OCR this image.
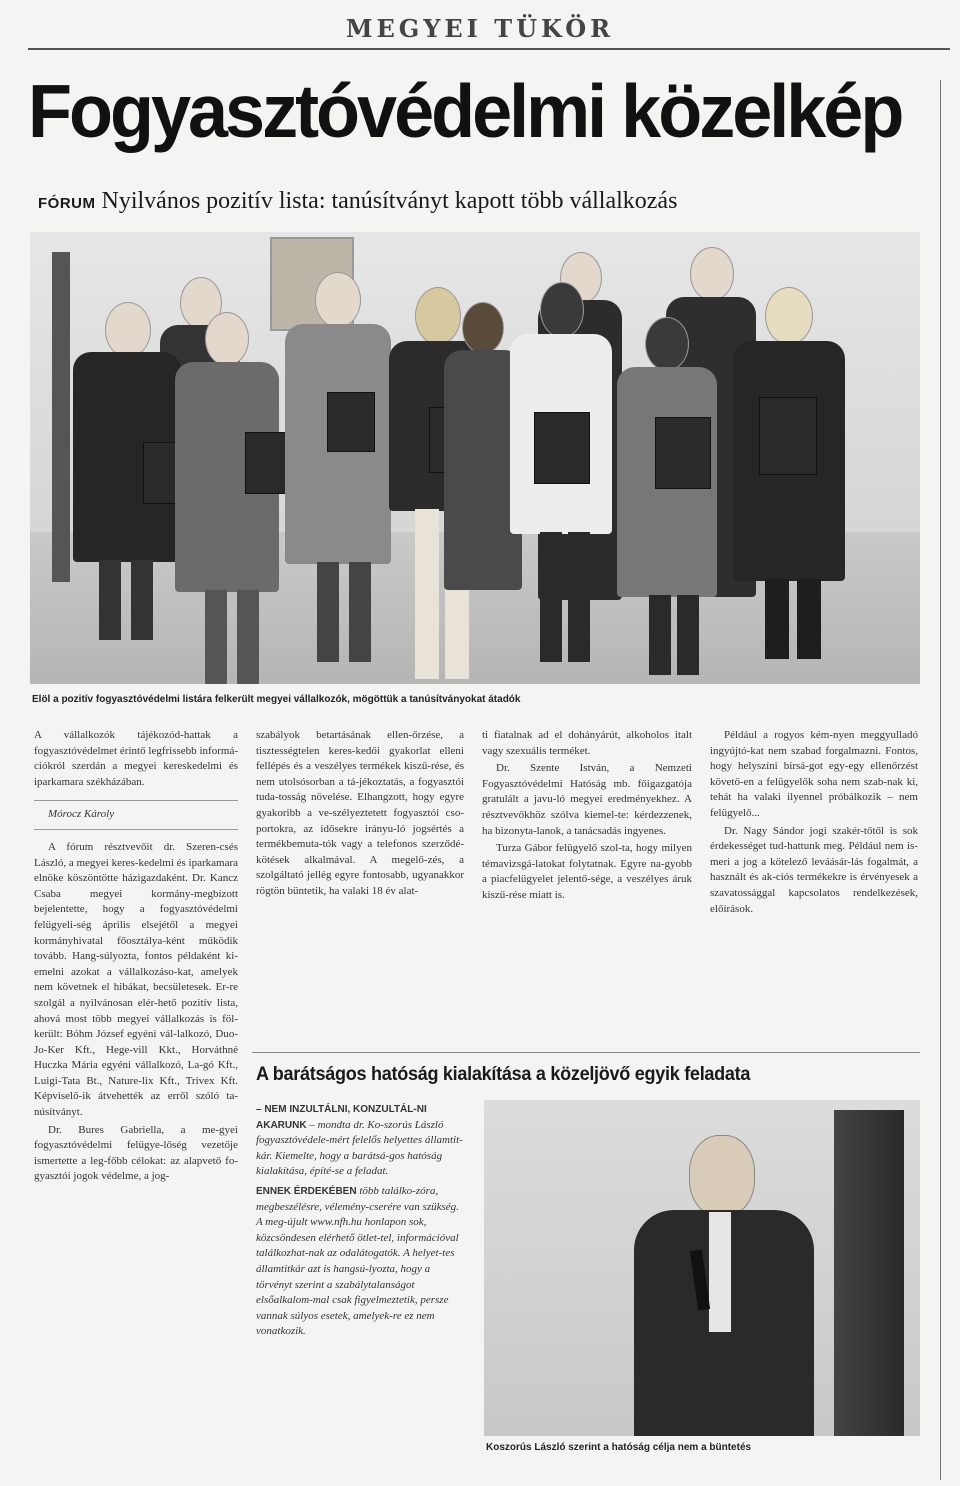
MEGYEI TÜKÖR
Fogyasztóvédelmi közelkép
FÓRUM Nyilvános pozitív lista: tanúsítványt kapott több vállalkozás
Elöl a pozitív fogyasztóvédelmi listára felkerült megyei vállalkozók, mögöttük a tanúsítványokat átadók

A vállalkozók tájékozód-hattak a fogyasztóvédelmet érintő legfrissebb informá-ciókról szerdán a megyei kereskedelmi és iparkamara székházában.

Mórocz Károly

A fórum résztvevőit dr. Szeren-csés László, a megyei keres-kedelmi és iparkamara elnöke köszöntötte házigazdaként. Dr. Kancz Csaba megyei kormány-megbízott bejelentette, hogy a fogyasztóvédelmi felügyeli-ség április elsejétől a megyei kormányhivatal főosztálya-ként működik tovább. Hang-súlyozta, fontos példaként ki-emelni azokat a vállalkozáso-kat, amelyek nem követnek el hibákat, becsületesek. Er-re szolgál a nyilvánosan elér-hető pozitív lista, ahová most több megyei vállalkozás is föl-került: Bóhm József egyéni vál-lalkozó, Duo-Jo-Ker Kft., Hege-vill Kkt., Horváthné Huczka Mária egyéni vállalkozó, La-gó Kft., Luigi-Tata Bt., Nature-lix Kft., Trivex Kft. Képviselő-ik átvehették az erről szóló ta-núsítványt.

Dr. Bures Gabriella, a me-gyei fogyasztóvédelmi felügye-lőség vezetője ismertette a leg-főbb célokat: az alapvető fo-gyasztói jogok védelme, a jog-

szabályok betartásának ellen-őrzése, a tisztességtelen keres-kedői gyakorlat elleni fellépés és a veszélyes termékek kiszű-rése, és nem utolsósorban a tá-jékoztatás, a fogyasztói tuda-tosság növelése. Elhangzott, hogy egyre gyakoribb a ve-szélyeztetett fogyasztói cso-portokra, az idősekre irányu-ló jogsértés a termékbemuta-tók vagy a telefonos szerződé-kötések alkalmával. A megelő-zés, a szolgáltató jellég egyre fontosabb, ugyanakkor rögtön büntetik, ha valaki 18 év alat-

ti fiatalnak ad el dohányárút, alkoholos italt vagy szexuális terméket.

Dr. Szente István, a Nemzeti Fogyasztóvédelmi Hatóság mb. főigazgatója gratulált a javu-ló megyei eredményekhez. A résztvevőkhöz szólva kiemel-te: kérdezzenek, ha bizonyta-lanok, a tanácsadás ingyenes.

Turza Gábor felügyelő szol-ta, hogy milyen témavizsgá-latokat folytatnak. Egyre na-gyobb a piacfelügyelet jelentő-sége, a veszélyes áruk kiszű-rése miatt is.

Például a rogyos kém-nyen meggyulladó ingyújtó-kat nem szabad forgalmazni. Fontos, hogy helyszíni bírsá-got egy-egy ellenőrzést követő-en a felügyelők soha nem szab-nak ki, tehát ha valaki ilyennel próbálkozik – nem felügyelő...

Dr. Nagy Sándor jogi szakér-tőtől is sok érdekességet tud-hattunk meg. Például nem is-meri a jog a kötelező leváásár-lás fogalmát, a használt és ak-ciós termékekre is érvényesek a szavatossággal kapcsolatos rendelkezések, előírások.

A barátságos hatóság kialakítása a közeljövő egyik feladata

– NEM INZULTÁLNI, KONZULTÁL-NI AKARUNK – mondta dr. Ko-szorús László fogyasztóvédele-mért felelős helyettes államtit-kár. Kiemelte, hogy a barátsá-gos hatóság kialakítása, építé-se a feladat.

ENNEK ÉRDEKÉBEN több találko-zóra, megbeszélésre, vélemény-cserére van szükség. A meg-újult www.nfh.hu honlapon sok, közcsöndesen elérhető ötlet-tel, információval találkozhat-nak az odalátogatók. A helyet-tes államtitkár azt is hangsú-lyozta, hogy a törvényt szerint a szabálytalanságot elsőalkalom-mal csak figyelmeztetik, persze vannak súlyos esetek, amelyek-re ez nem vonatkozik.

Koszorús László szerint a hatóság célja nem a büntetés
